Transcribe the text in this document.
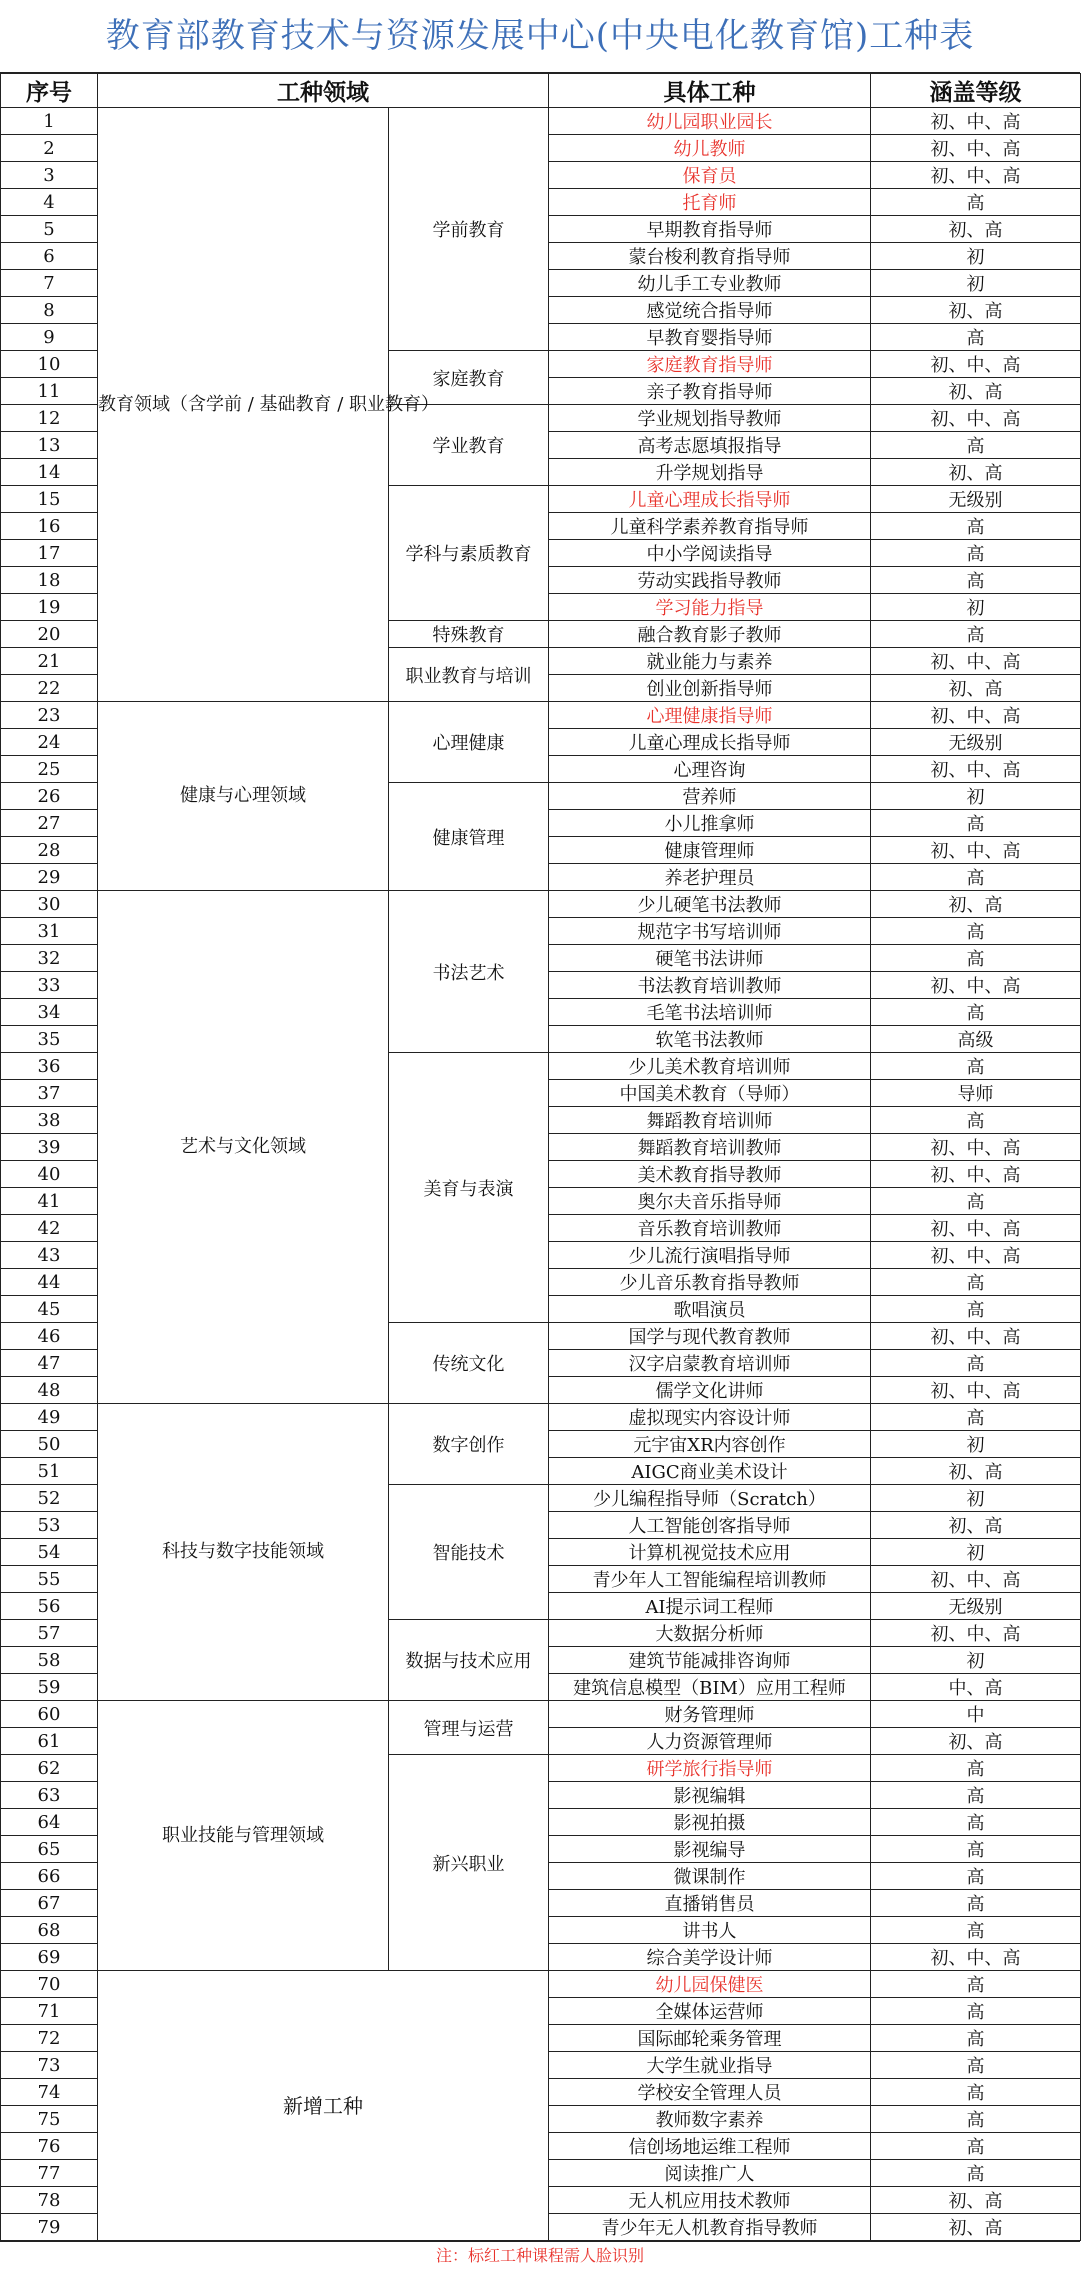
教育部教育技术与资源发展中心(中央电化教育馆)工种表
序号	工种领域		具体工种	涵盖等级
1	教育领域（含学前 / 基础教育 / 职业教育）	学前教育	幼儿园职业园长	初、中、高
2			幼儿教师	初、中、高
3			保育员	初、中、高
4			托育师	高
5			早期教育指导师	初、高
6			蒙台梭利教育指导师	初
7			幼儿手工专业教师	初
8			感觉统合指导师	初、高
9			早教育婴指导师	高
10		家庭教育	家庭教育指导师	初、中、高
11			亲子教育指导师	初、高
12		学业教育	学业规划指导教师	初、中、高
13			高考志愿填报指导	高
14			升学规划指导	初、高
15		学科与素质教育	儿童心理成长指导师	无级别
16			儿童科学素养教育指导师	高
17			中小学阅读指导	高
18			劳动实践指导教师	高
19			学习能力指导	初
20		特殊教育	融合教育影子教师	高
21		职业教育与培训	就业能力与素养	初、中、高
22			创业创新指导师	初、高
23	健康与心理领域	心理健康	心理健康指导师	初、中、高
24			儿童心理成长指导师	无级别
25			心理咨询	初、中、高
26		健康管理	营养师	初
27			小儿推拿师	高
28			健康管理师	初、中、高
29			养老护理员	高
30	艺术与文化领域	书法艺术	少儿硬笔书法教师	初、高
31			规范字书写培训师	高
32			硬笔书法讲师	高
33			书法教育培训教师	初、中、高
34			毛笔书法培训师	高
35			软笔书法教师	高级
36		美育与表演	少儿美术教育培训师	高
37			中国美术教育（导师）	导师
38			舞蹈教育培训师	高
39			舞蹈教育培训教师	初、中、高
40			美术教育指导教师	初、中、高
41			奥尔夫音乐指导师	高
42			音乐教育培训教师	初、中、高
43			少儿流行演唱指导师	初、中、高
44			少儿音乐教育指导教师	高
45			歌唱演员	高
46		传统文化	国学与现代教育教师	初、中、高
47			汉字启蒙教育培训师	高
48			儒学文化讲师	初、中、高
49	科技与数字技能领域	数字创作	虚拟现实内容设计师	高
50			元宇宙XR内容创作	初
51			AIGC商业美术设计	初、高
52		智能技术	少儿编程指导师（Scratch）	初
53			人工智能创客指导师	初、高
54			计算机视觉技术应用	初
55			青少年人工智能编程培训教师	初、中、高
56			AI提示词工程师	无级别
57		数据与技术应用	大数据分析师	初、中、高
58			建筑节能减排咨询师	初
59			建筑信息模型（BIM）应用工程师	中、高
60	职业技能与管理领域	管理与运营	财务管理师	中
61			人力资源管理师	初、高
62		新兴职业	研学旅行指导师	高
63			影视编辑	高
64			影视拍摄	高
65			影视编导	高
66			微课制作	高
67			直播销售员	高
68			讲书人	高
69			综合美学设计师	初、中、高
70	新增工种		幼儿园保健医	高
71			全媒体运营师	高
72			国际邮轮乘务管理	高
73			大学生就业指导	高
74			学校安全管理人员	高
75			教师数字素养	高
76			信创场地运维工程师	高
77			阅读推广人	高
78			无人机应用技术教师	初、高
79			青少年无人机教育指导教师	初、高
注：标红工种课程需人脸识别
